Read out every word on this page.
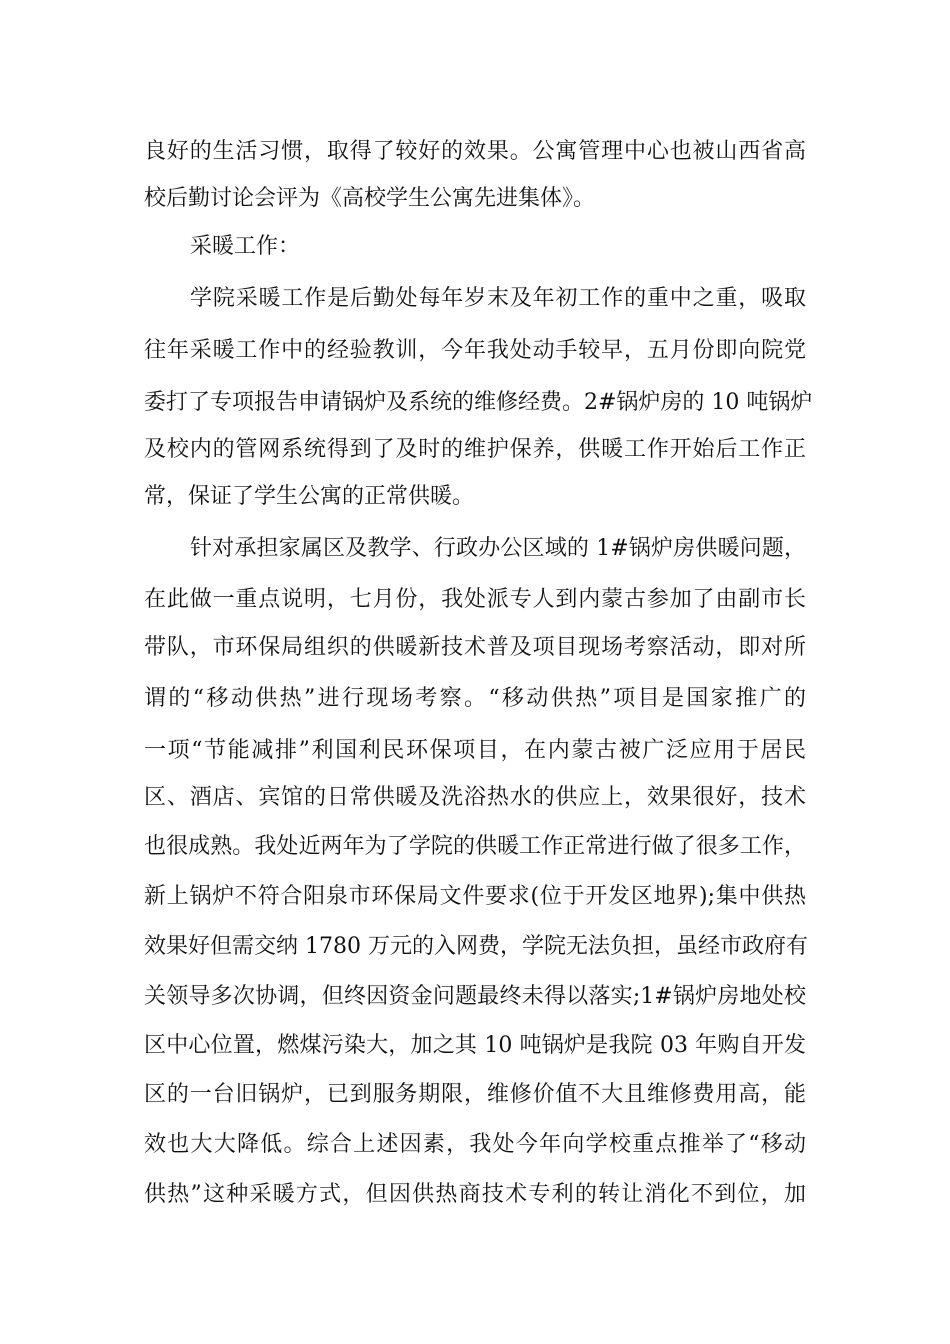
良好的生活习惯，取得了较好的效果。公寓管理中心也被山西省高
校后勤讨论会评为《高校学生公寓先进集体》。
采暖工作：
学院采暖工作是后勤处每年岁末及年初工作的重中之重，吸取
往年采暖工作中的经验教训，今年我处动手较早，五月份即向院党
委打了专项报告申请锅炉及系统的维修经费。2#锅炉房的 10 吨锅炉
及校内的管网系统得到了及时的维护保养，供暖工作开始后工作正
常，保证了学生公寓的正常供暖。
针对承担家属区及教学、行政办公区域的 1#锅炉房供暖问题，
在此做一重点说明，七月份，我处派专人到内蒙古参加了由副市长
带队，市环保局组织的供暖新技术普及项目现场考察活动，即对所
谓的“移动供热”进行现场考察。“移动供热”项目是国家推广的
一项“节能减排”利国利民环保项目，在内蒙古被广泛应用于居民
区、酒店、宾馆的日常供暖及洗浴热水的供应上，效果很好，技术
也很成熟。我处近两年为了学院的供暖工作正常进行做了很多工作，
新上锅炉不符合阳泉市环保局文件要求(位于开发区地界);集中供热
效果好但需交纳 1780 万元的入网费，学院无法负担，虽经市政府有
关领导多次协调，但终因资金问题最终未得以落实;1#锅炉房地处校
区中心位置，燃煤污染大，加之其 10 吨锅炉是我院 03 年购自开发
区的一台旧锅炉，已到服务期限，维修价值不大且维修费用高，能
效也大大降低。综合上述因素，我处今年向学校重点推举了“移动
供热”这种采暖方式，但因供热商技术专利的转让消化不到位，加
